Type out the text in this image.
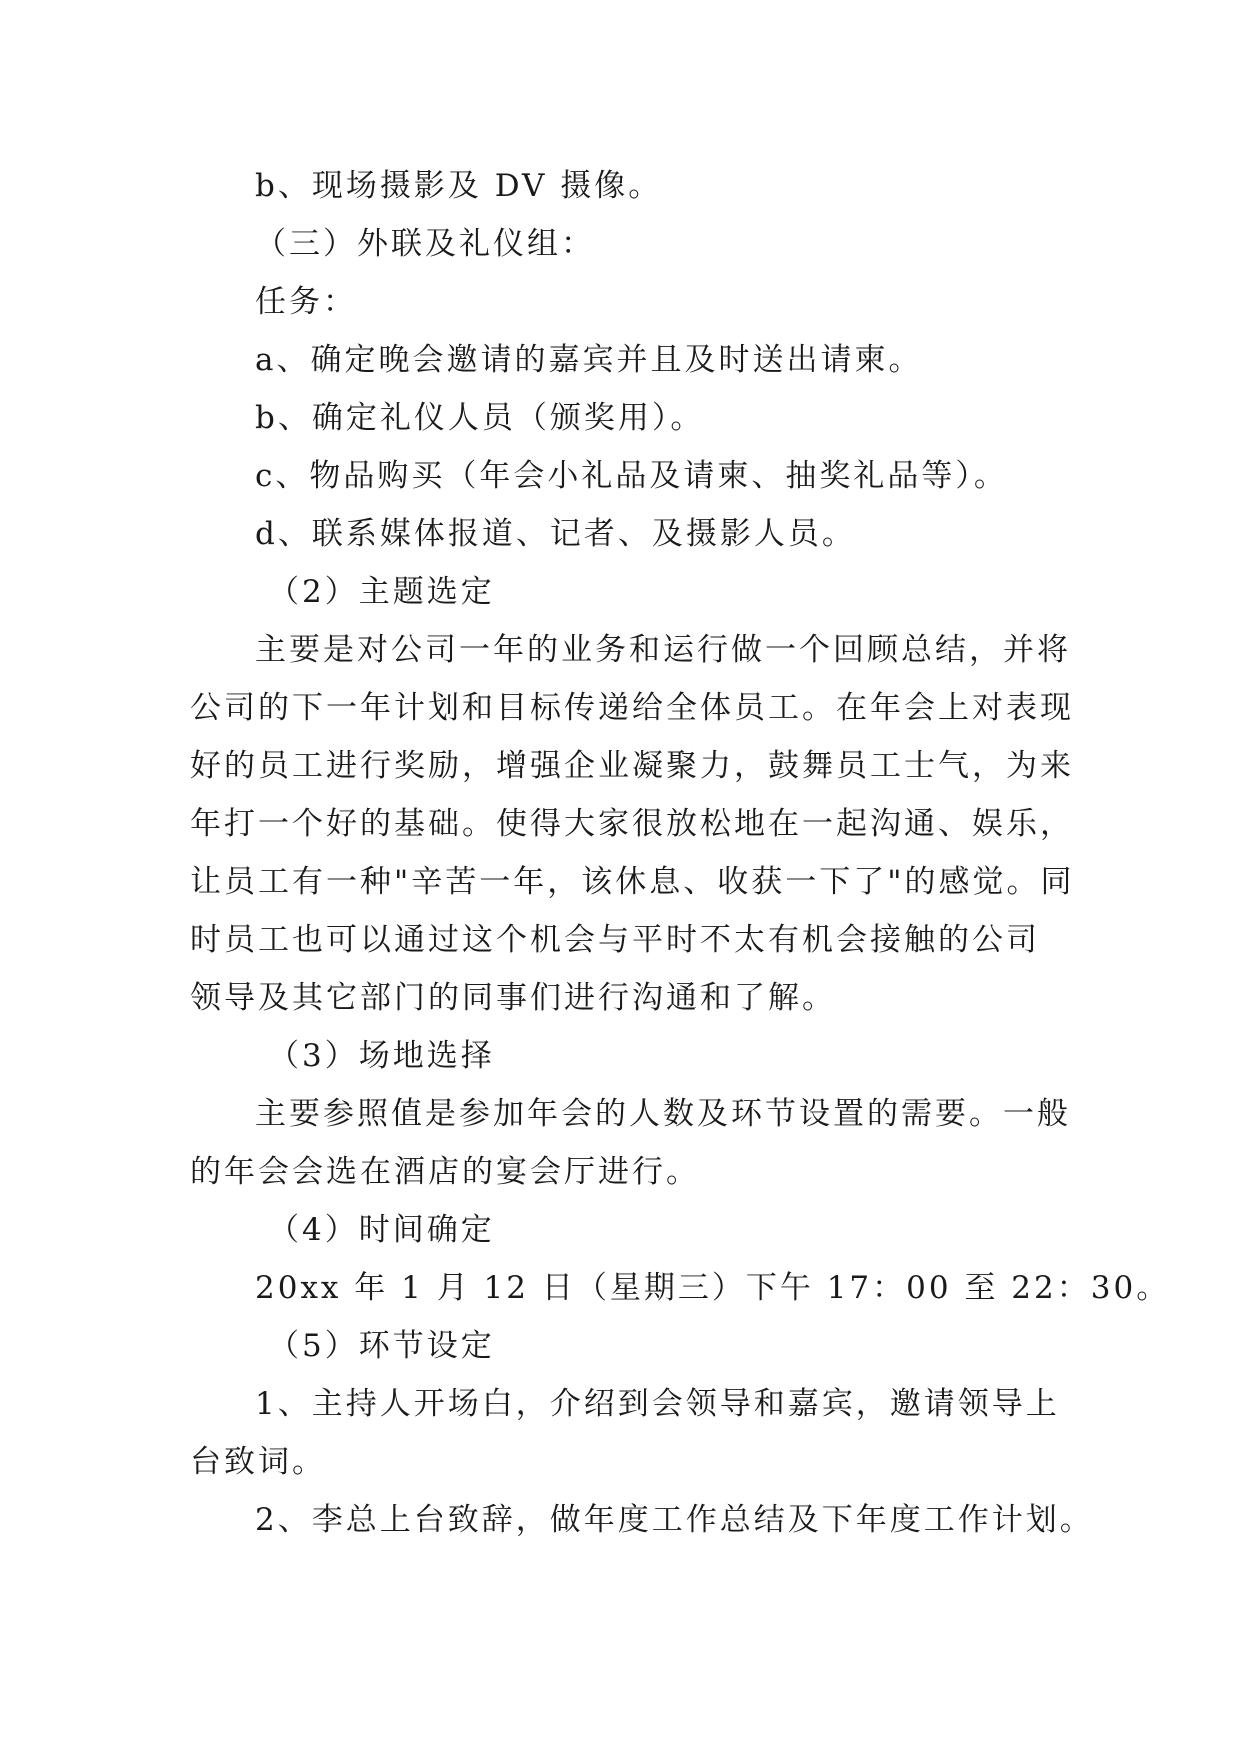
b、现场摄影及 DV 摄像。
（三）外联及礼仪组：
任务：
a、确定晚会邀请的嘉宾并且及时送出请柬。
b、确定礼仪人员（颁奖用）。
c、物品购买（年会小礼品及请柬、抽奖礼品等）。
d、联系媒体报道、记者、及摄影人员。
（2）主题选定
主要是对公司一年的业务和运行做一个回顾总结，并将
公司的下一年计划和目标传递给全体员工。在年会上对表现
好的员工进行奖励，增强企业凝聚力，鼓舞员工士气，为来
年打一个好的基础。使得大家很放松地在一起沟通、娱乐，
让员工有一种"辛苦一年，该休息、收获一下了"的感觉。同
时员工也可以通过这个机会与平时不太有机会接触的公司
领导及其它部门的同事们进行沟通和了解。
（3）场地选择
主要参照值是参加年会的人数及环节设置的需要。一般
的年会会选在酒店的宴会厅进行。
（4）时间确定
20xx 年 1 月 12 日（星期三）下午 17：00 至 22：30。
（5）环节设定
1、主持人开场白，介绍到会领导和嘉宾，邀请领导上
台致词。
2、李总上台致辞，做年度工作总结及下年度工作计划。
